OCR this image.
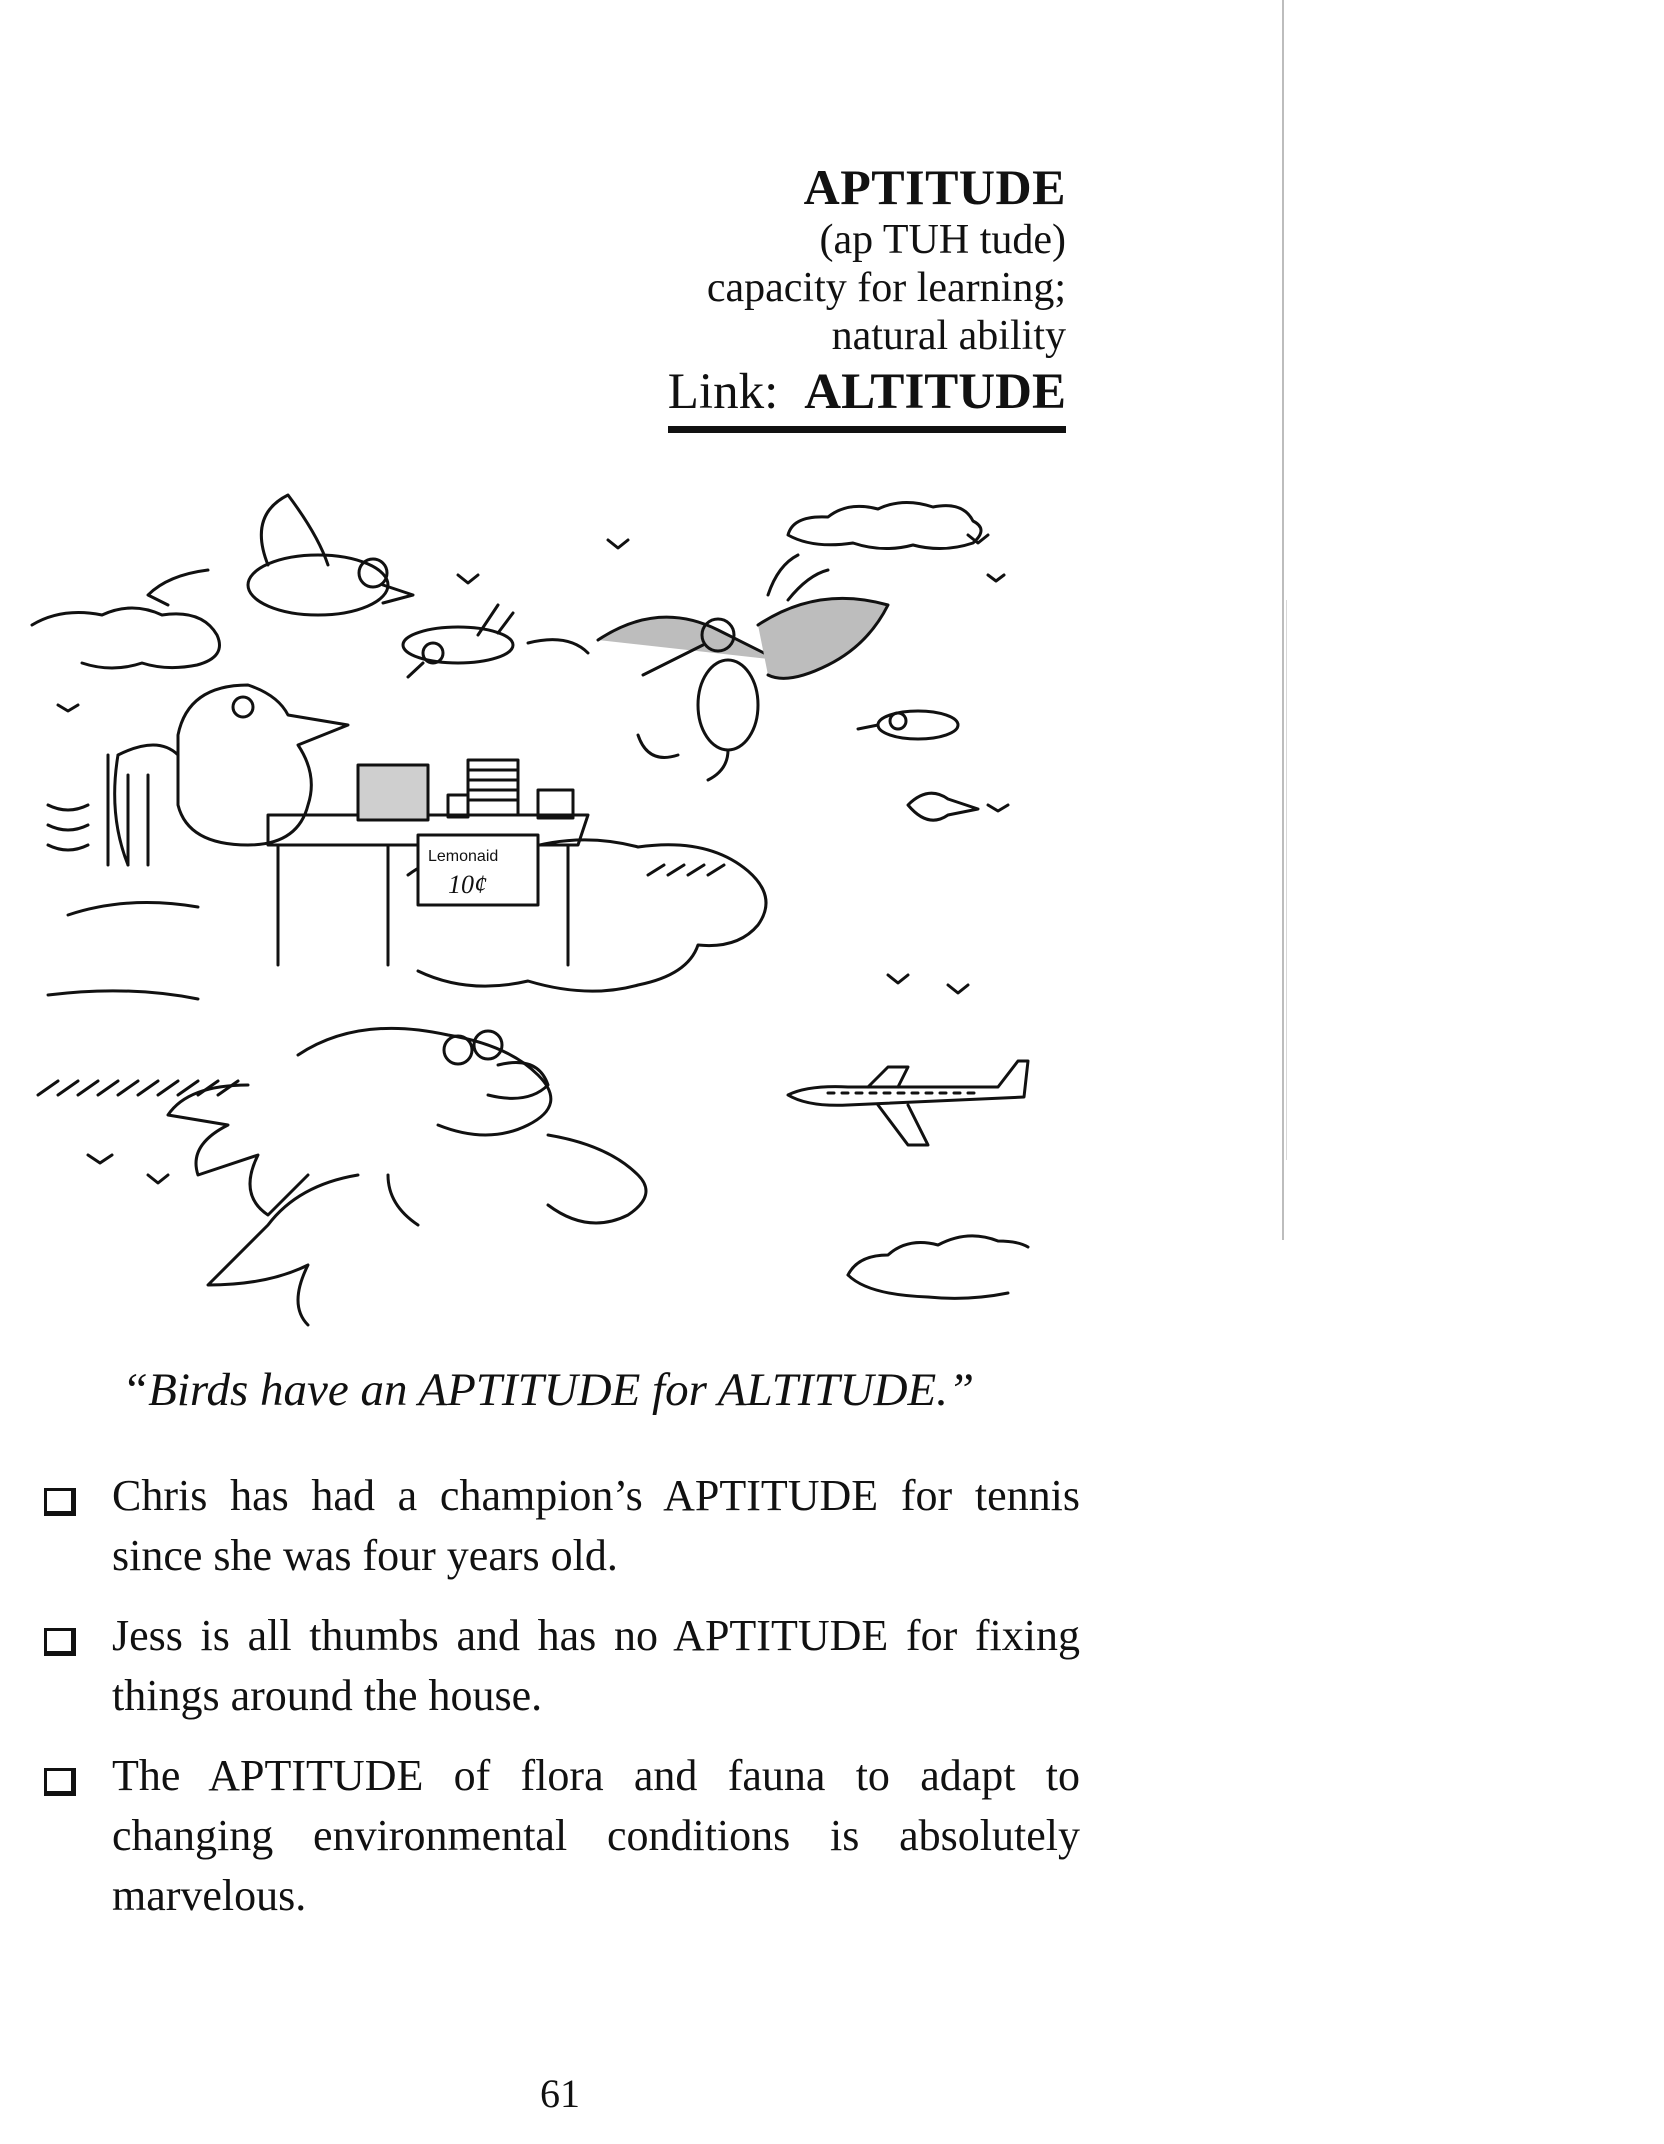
APTITUDE
(ap TUH tude)
capacity for learning;
natural ability
Link: ALTITUDE
Lemonaid
10¢
“Birds have an APTITUDE for ALTITUDE.”
Chris has had a champion’s APTITUDE for tennis since she was four years old.
Jess is all thumbs and has no APTITUDE for fixing things around the house.
The APTITUDE of flora and fauna to adapt to changing environmental conditions is absolutely marvelous.
61
